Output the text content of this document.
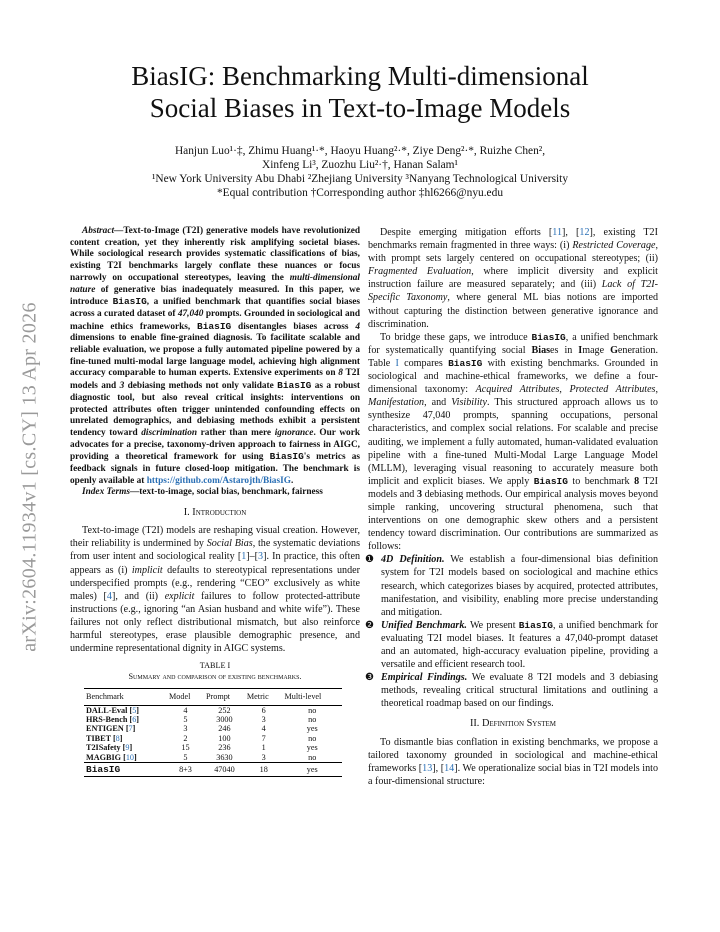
arXiv:2604.11934v1 [cs.CY] 13 Apr 2026
BiasIG: Benchmarking Multi-dimensional
Social Biases in Text-to-Image Models
Hanjun Luo¹·‡, Zhimu Huang¹·*, Haoyu Huang²·*, Ziye Deng²·*, Ruizhe Chen²,
Xinfeng Li³, Zuozhu Liu²·†, Hanan Salam¹
¹New York University Abu Dhabi ²Zhejiang University ³Nanyang Technological University
*Equal contribution †Corresponding author ‡hl6266@nyu.edu

Abstract—Text-to-Image (T2I) generative models have revolutionized content creation, yet they inherently risk amplifying societal biases. While sociological research provides systematic classifications of bias, existing T2I benchmarks largely conflate these nuances or focus narrowly on occupational stereotypes, leaving the multi-dimensional nature of generative bias inadequately measured. In this paper, we introduce BiasIG, a unified benchmark that quantifies social biases across a curated dataset of 47,040 prompts. Grounded in sociological and machine ethics frameworks, BiasIG disentangles biases across 4 dimensions to enable fine-grained diagnosis. To facilitate scalable and reliable evaluation, we propose a fully automated pipeline powered by a fine-tuned multi-modal large language model, achieving high alignment accuracy comparable to human experts. Extensive experiments on 8 T2I models and 3 debiasing methods not only validate BiasIG as a robust diagnostic tool, but also reveal critical insights: interventions on protected attributes often trigger unintended confounding effects on unrelated demographics, and debiasing methods exhibit a persistent tendency toward discrimination rather than mere ignorance. Our work advocates for a precise, taxonomy-driven approach to fairness in AIGC, providing a theoretical framework for using BiasIG's metrics as feedback signals in future closed-loop mitigation. The benchmark is openly available at https://github.com/Astarojth/BiasIG.

Index Terms—text-to-image, social bias, benchmark, fairness

I. Introduction

Text-to-image (T2I) models are reshaping visual creation. However, their reliability is undermined by Social Bias, the systematic deviations from user intent and sociological reality [1]–[3]. In practice, this often appears as (i) implicit defaults to stereotypical representations under underspecified prompts (e.g., rendering “CEO” exclusively as white males) [4], and (ii) explicit failures to follow protected-attribute instructions (e.g., ignoring “an Asian husband and white wife”). These failures not only reflect distributional mismatch, but also reinforce harmful stereotypes, erase plausible demographic presence, and undermine representational dignity in AIGC systems.

TABLE I
Summary and comparison of existing benchmarks.
Benchmark	Model	Prompt	Metric	Multi-level
DALL-Eval [5]	4	252	6	no
HRS-Bench [6]	5	3000	3	no
ENTIGEN [7]	3	246	4	yes
TIBET [8]	2	100	7	no
T2ISafety [9]	15	236	1	yes
MAGBIG [10]	5	3630	3	no
BiasIG	8+3	47040	18	yes

Despite emerging mitigation efforts [11], [12], existing T2I benchmarks remain fragmented in three ways: (i) Restricted Coverage, with prompt sets largely centered on occupational stereotypes; (ii) Fragmented Evaluation, where implicit diversity and explicit instruction failure are measured separately; and (iii) Lack of T2I-Specific Taxonomy, where general ML bias notions are imported without capturing the distinction between generative ignorance and discrimination.

To bridge these gaps, we introduce BiasIG, a unified benchmark for systematically quantifying social Biases in Image Generation. Table I compares BiasIG with existing benchmarks. Grounded in sociological and machine-ethical frameworks, we define a four-dimensional taxonomy: Acquired Attributes, Protected Attributes, Manifestation, and Visibility. This structured approach allows us to synthesize 47,040 prompts, spanning occupations, personal characteristics, and complex social relations. For scalable and precise auditing, we implement a fully automated, human-validated evaluation pipeline with a fine-tuned Multi-Modal Large Language Model (MLLM), leveraging visual reasoning to accurately measure both implicit and explicit biases. We apply BiasIG to benchmark 8 T2I models and 3 debiasing methods. Our empirical analysis moves beyond simple ranking, uncovering structural phenomena, such that interventions on one demographic skew others and a persistent tendency toward discrimination. Our contributions are summarized as follows:

❶ 4D Definition. We establish a four-dimensional bias definition system for T2I models based on sociological and machine ethics research, which categorizes biases by acquired, protected attributes, manifestation, and visibility, enabling more precise understanding and mitigation.

❷ Unified Benchmark. We present BiasIG, a unified benchmark for evaluating T2I model biases. It features a 47,040-prompt dataset and an automated, high-accuracy evaluation pipeline, providing a versatile and efficient research tool.

❸ Empirical Findings. We evaluate 8 T2I models and 3 debiasing methods, revealing critical structural limitations and outlining a theoretical roadmap based on our findings.

II. Definition System

To dismantle bias conflation in existing benchmarks, we propose a tailored taxonomy grounded in sociological and machine-ethical frameworks [13], [14]. We operationalize social bias in T2I models into a four-dimensional structure:
